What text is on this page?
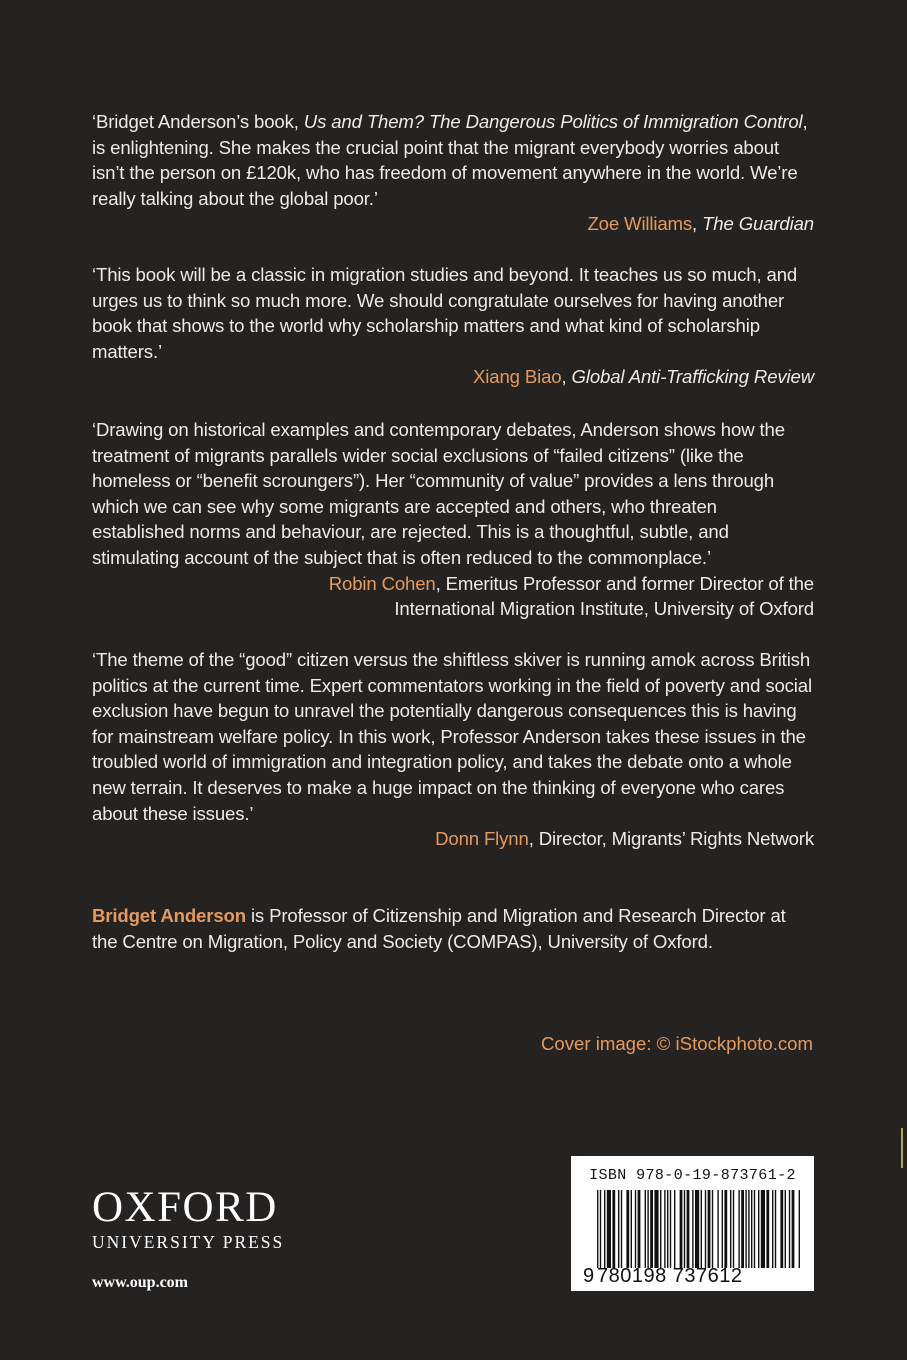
‘Bridget Anderson’s book, Us and Them? The Dangerous Politics of Immigration Control, is enlightening. She makes the crucial point that the migrant everybody worries about isn’t the person on £120k, who has freedom of movement anywhere in the world. We’re really talking about the global poor.’

Zoe Williams, The Guardian

‘This book will be a classic in migration studies and beyond. It teaches us so much, and urges us to think so much more. We should congratulate ourselves for having another book that shows to the world why scholarship matters and what kind of scholarship matters.’

Xiang Biao, Global Anti-Trafficking Review

‘Drawing on historical examples and contemporary debates, Anderson shows how the treatment of migrants parallels wider social exclusions of “failed citizens” (like the homeless or “benefit scroungers”). Her “community of value” provides a lens through which we can see why some migrants are accepted and others, who threaten established norms and behaviour, are rejected. This is a thoughtful, subtle, and stimulating account of the subject that is often reduced to the commonplace.’

Robin Cohen, Emeritus Professor and former Director of the
International Migration Institute, University of Oxford

‘The theme of the “good” citizen versus the shiftless skiver is running amok across British politics at the current time. Expert commentators working in the field of poverty and social exclusion have begun to unravel the potentially dangerous consequences this is having for mainstream welfare policy. In this work, Professor Anderson takes these issues in the troubled world of immigration and integration policy, and takes the debate onto a whole new terrain. It deserves to make a huge impact on the thinking of everyone who cares about these issues.’

Donn Flynn, Director, Migrants’ Rights Network

Bridget Anderson is Professor of Citizenship and Migration and Research Director at the Centre on Migration, Policy and Society (COMPAS), University of Oxford.
Cover image: © iStockphoto.com
OXFORD
UNIVERSITY PRESS
www.oup.com
ISBN 978-0-19-873761-2
9 780198 737612
